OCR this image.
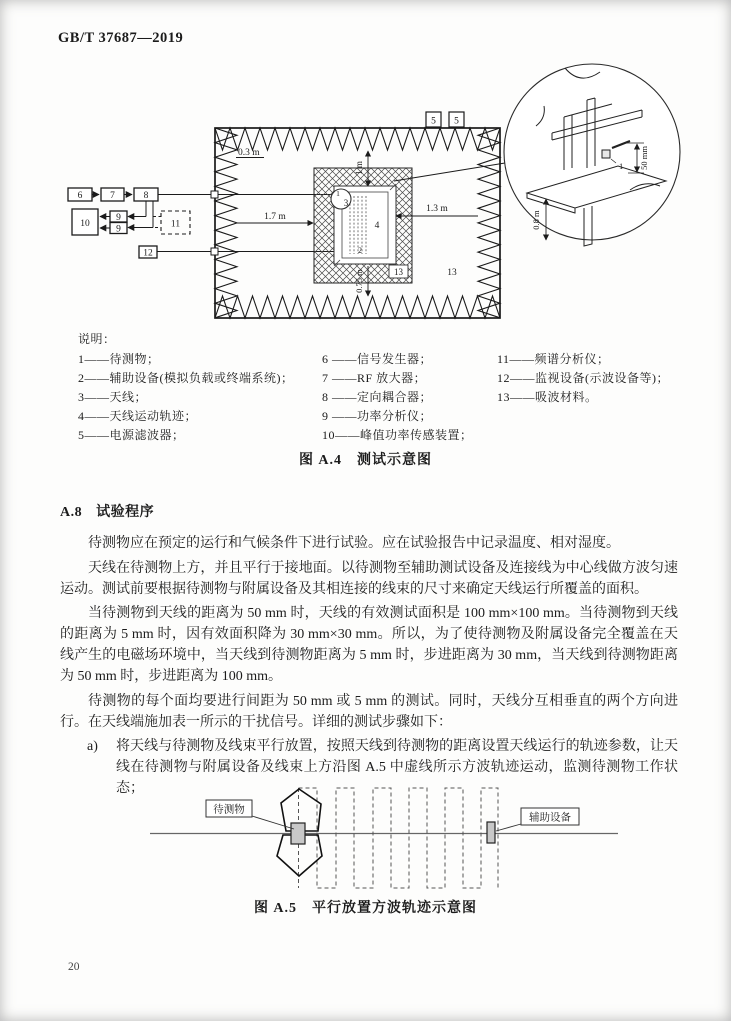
GB/T 37687—2019
5 5
4
1
3
2
13	13
0.3 m
1 m
1.7 m
1.3 m
0.75 m
6	7	8
9
9
10	11
12
0.8 m
50 mm
1
说明：
1——待测物；
2——辅助设备(模拟负载或终端系统)；
3——天线；
4——天线运动轨迹；
5——电源滤波器；
6 ——信号发生器；
7 ——RF 放大器；
8 ——定向耦合器；
9 ——功率分析仪；
10——峰值功率传感装置；
11——频谱分析仪；
12——监视设备(示波设备等)；
13——吸波材料。
图 A.4　测试示意图
A.8 试验程序

待测物应在预定的运行和气候条件下进行试验。应在试验报告中记录温度、相对湿度。

天线在待测物上方，并且平行于接地面。以待测物至辅助测试设备及连接线为中心线做方波匀速运动。测试前要根据待测物与附属设备及其相连接的线束的尺寸来确定天线运行所覆盖的面积。

当待测物到天线的距离为 50 mm 时，天线的有效测试面积是 100 mm×100 mm。当待测物到天线的距离为 5 mm 时，因有效面积降为 30 mm×30 mm。所以，为了使待测物及附属设备完全覆盖在天线产生的电磁场环境中，当天线到待测物距离为 5 mm 时，步进距离为 30 mm，当天线到待测物距离为 50 mm 时，步进距离为 100 mm。

待测物的每个面均要进行间距为 50 mm 或 5 mm 的测试。同时，天线分互相垂直的两个方向进行。在天线端施加表一所示的干扰信号。详细的测试步骤如下：

a) 将天线与待测物及线束平行放置，按照天线到待测物的距离设置天线运行的轨迹参数，让天线在待测物与附属设备及线束上方沿图 A.5 中虚线所示方波轨迹运动，监测待测物工作状态；

待测物
辅助设备
图 A.5　平行放置方波轨迹示意图
20
